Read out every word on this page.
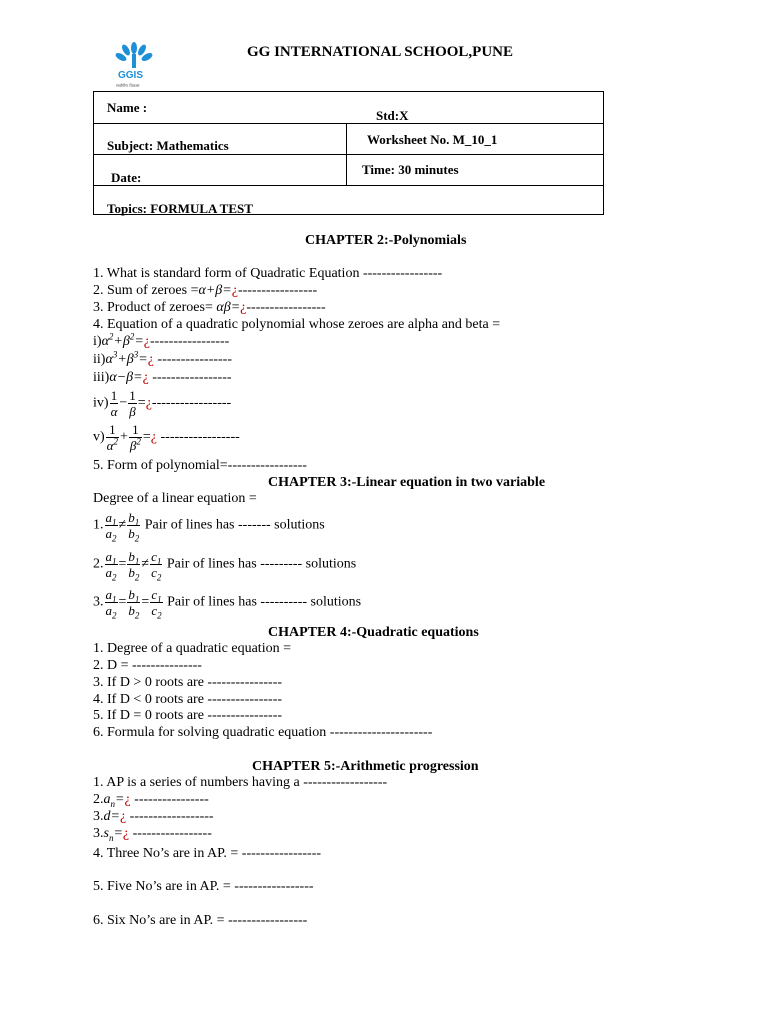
GGIS
सर्वांगीण विकास
GG INTERNATIONAL SCHOOL,PUNE
Name :
Std:X
Subject: Mathematics	Worksheet No. M_10_1
Date:
Time: 30 minutes
Topics: FORMULA TEST
CHAPTER 2:-Polynomials
1. What is standard form of Quadratic Equation -----------------
2. Sum of zeroes =α+β=¿-----------------
3. Product of zeroes= αβ=¿-----------------
4. Equation of a quadratic polynomial whose zeroes are alpha and beta =
$i)\alpha^2+\beta^2=¿-----------------$
$ii)\alpha^3+\beta^3=¿$ ----------------
iii)α−β=¿ -----------------
$iv) \frac{1}{\alpha} - \frac{1}{\beta}$ =¿-----------------
$v) \frac{1}{\alpha^2} + \frac{1}{\beta^2}$ =¿ -----------------
5. Form of polynomial=-----------------
CHAPTER 3:-Linear equation in two variable
Degree of a linear equation =
1. $\frac{a_1}{a_2} \ne \frac{b_1}{b_2}$ Pair of lines has ------- solutions
2. $\frac{a_1}{a_2} = \frac{b_1}{b_2} \ne \frac{c_1}{c_2}$ Pair of lines has --------- solutions
3. $\frac{a_1}{a_2} = \frac{b_1}{b_2} = \frac{c_1}{c_2}$ Pair of lines has ---------- solutions
CHAPTER 4:-Quadratic equations
1. Degree of a quadratic equation =
2. D = ---------------
3. If D > 0 roots are ----------------
4. If D < 0 roots are ----------------
5. If D = 0 roots are ----------------
6. Formula for solving quadratic equation ----------------------
CHAPTER 5:-Arithmetic progression
1. AP is a series of numbers having a ------------------
$2.a_n=¿$ ----------------
3.d=¿ ------------------
$3.s_n=¿$ -----------------
4. Three No’s are in AP. = -----------------
5. Five No’s are in AP. = -----------------
6. Six No’s are in AP. = -----------------
